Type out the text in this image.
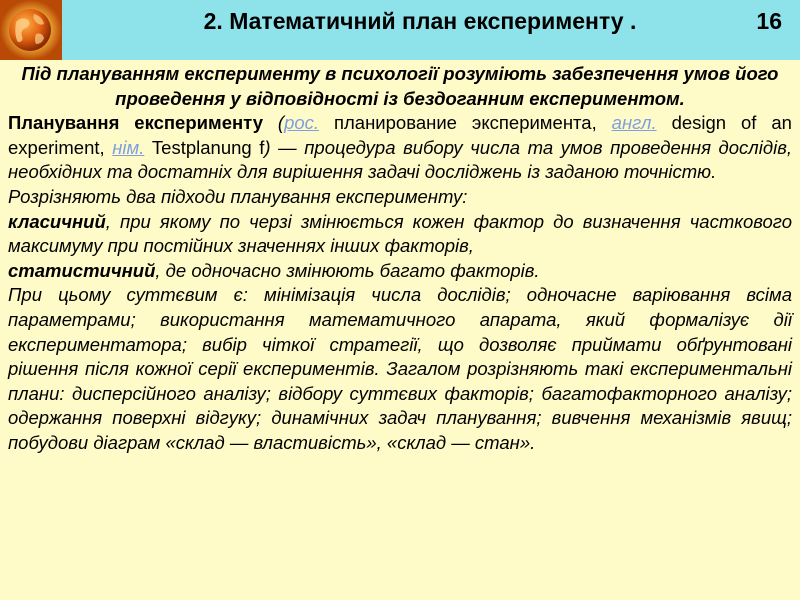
2. Математичний план експерименту .	16

Під плануванням експерименту в психології розуміють забезпечення умов його проведення у відповідності із бездоганним експериментом.

Планування експерименту (рос. планирование эксперимента, англ. design of an experiment, нім. Testplanung f) — процедура вибору числа та умов проведення дослідів, необхідних та достатніх для вирішення задачі досліджень із заданою точністю.

Розрізняють два підходи планування експерименту:

класичний, при якому по черзі змінюється кожен фактор до визначення часткового максимуму при постійних значеннях інших факторів,

статистичний, де одночасно змінюють багато факторів.

При цьому суттєвим є: мінімізація числа дослідів; одночасне варіювання всіма параметрами; використання математичного апарата, який формалізує дії експериментатора; вибір чіткої стратегії, що дозволяє приймати обґрунтовані рішення після кожної серії експериментів. Загалом розрізняють такі експериментальні плани: дисперсійного аналізу; відбору суттєвих факторів; багатофакторного аналізу; одержання поверхні відгуку; динамічних задач планування; вивчення механізмів явищ; побудови діаграм «склад — властивість», «склад — стан».
